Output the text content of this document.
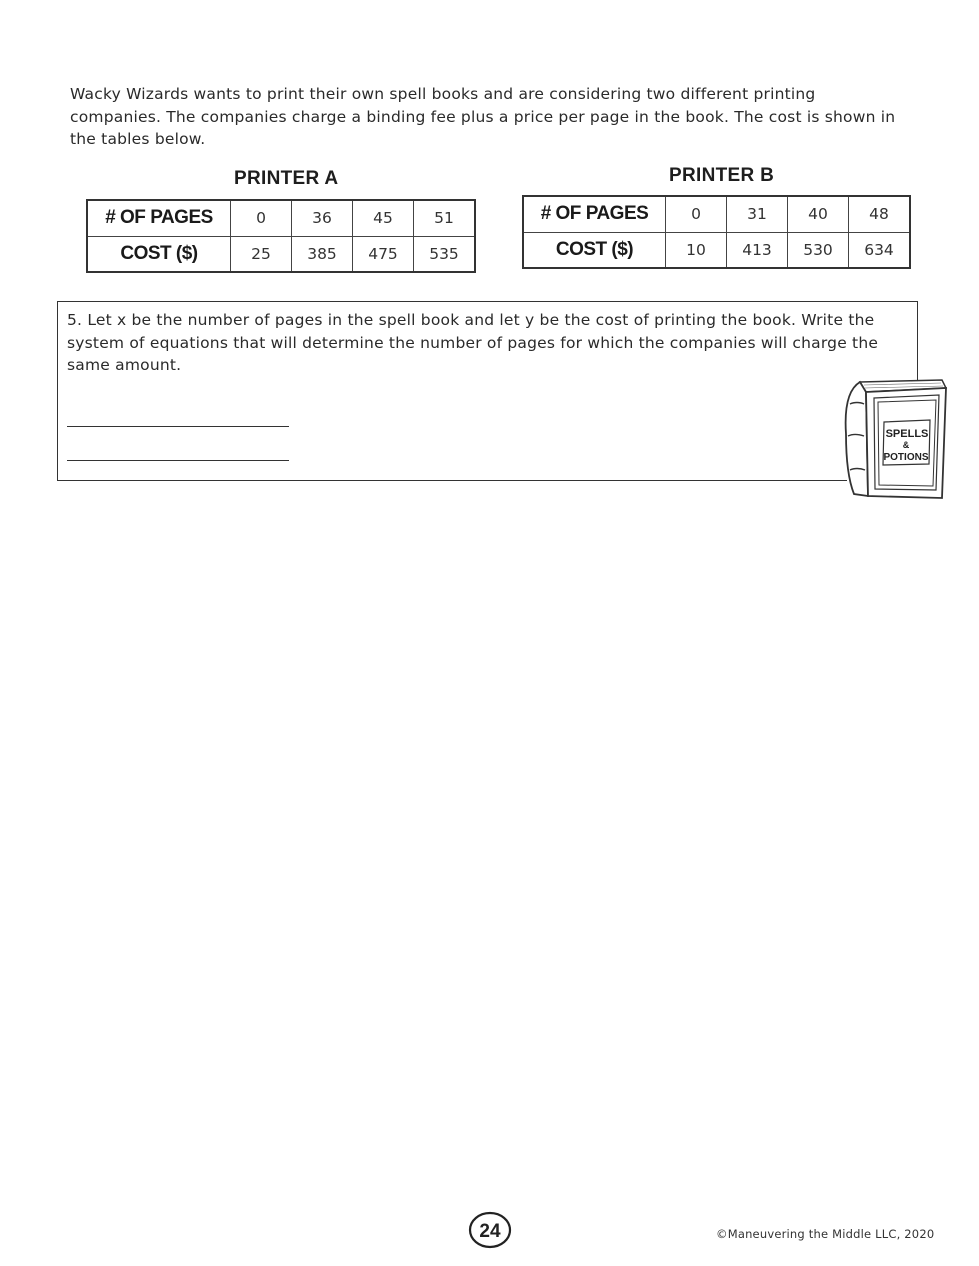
Wacky Wizards wants to print their own spell books and are considering two different printing companies. The companies charge a binding fee plus a price per page in the book. The cost is shown in the tables below.

PRINTER A
# OF PAGES	0	36	45	51
COST ($)	25	385	475	535
PRINTER B
# OF PAGES	0	31	40	48
COST ($)	10	413	530	634

5. Let x be the number of pages in the spell book and let y be the cost of printing the book. Write the system of equations that will determine the number of pages for which the companies will charge the same amount.

SPELLS
&
POTIONS
24	©Maneuvering the Middle LLC, 2020
